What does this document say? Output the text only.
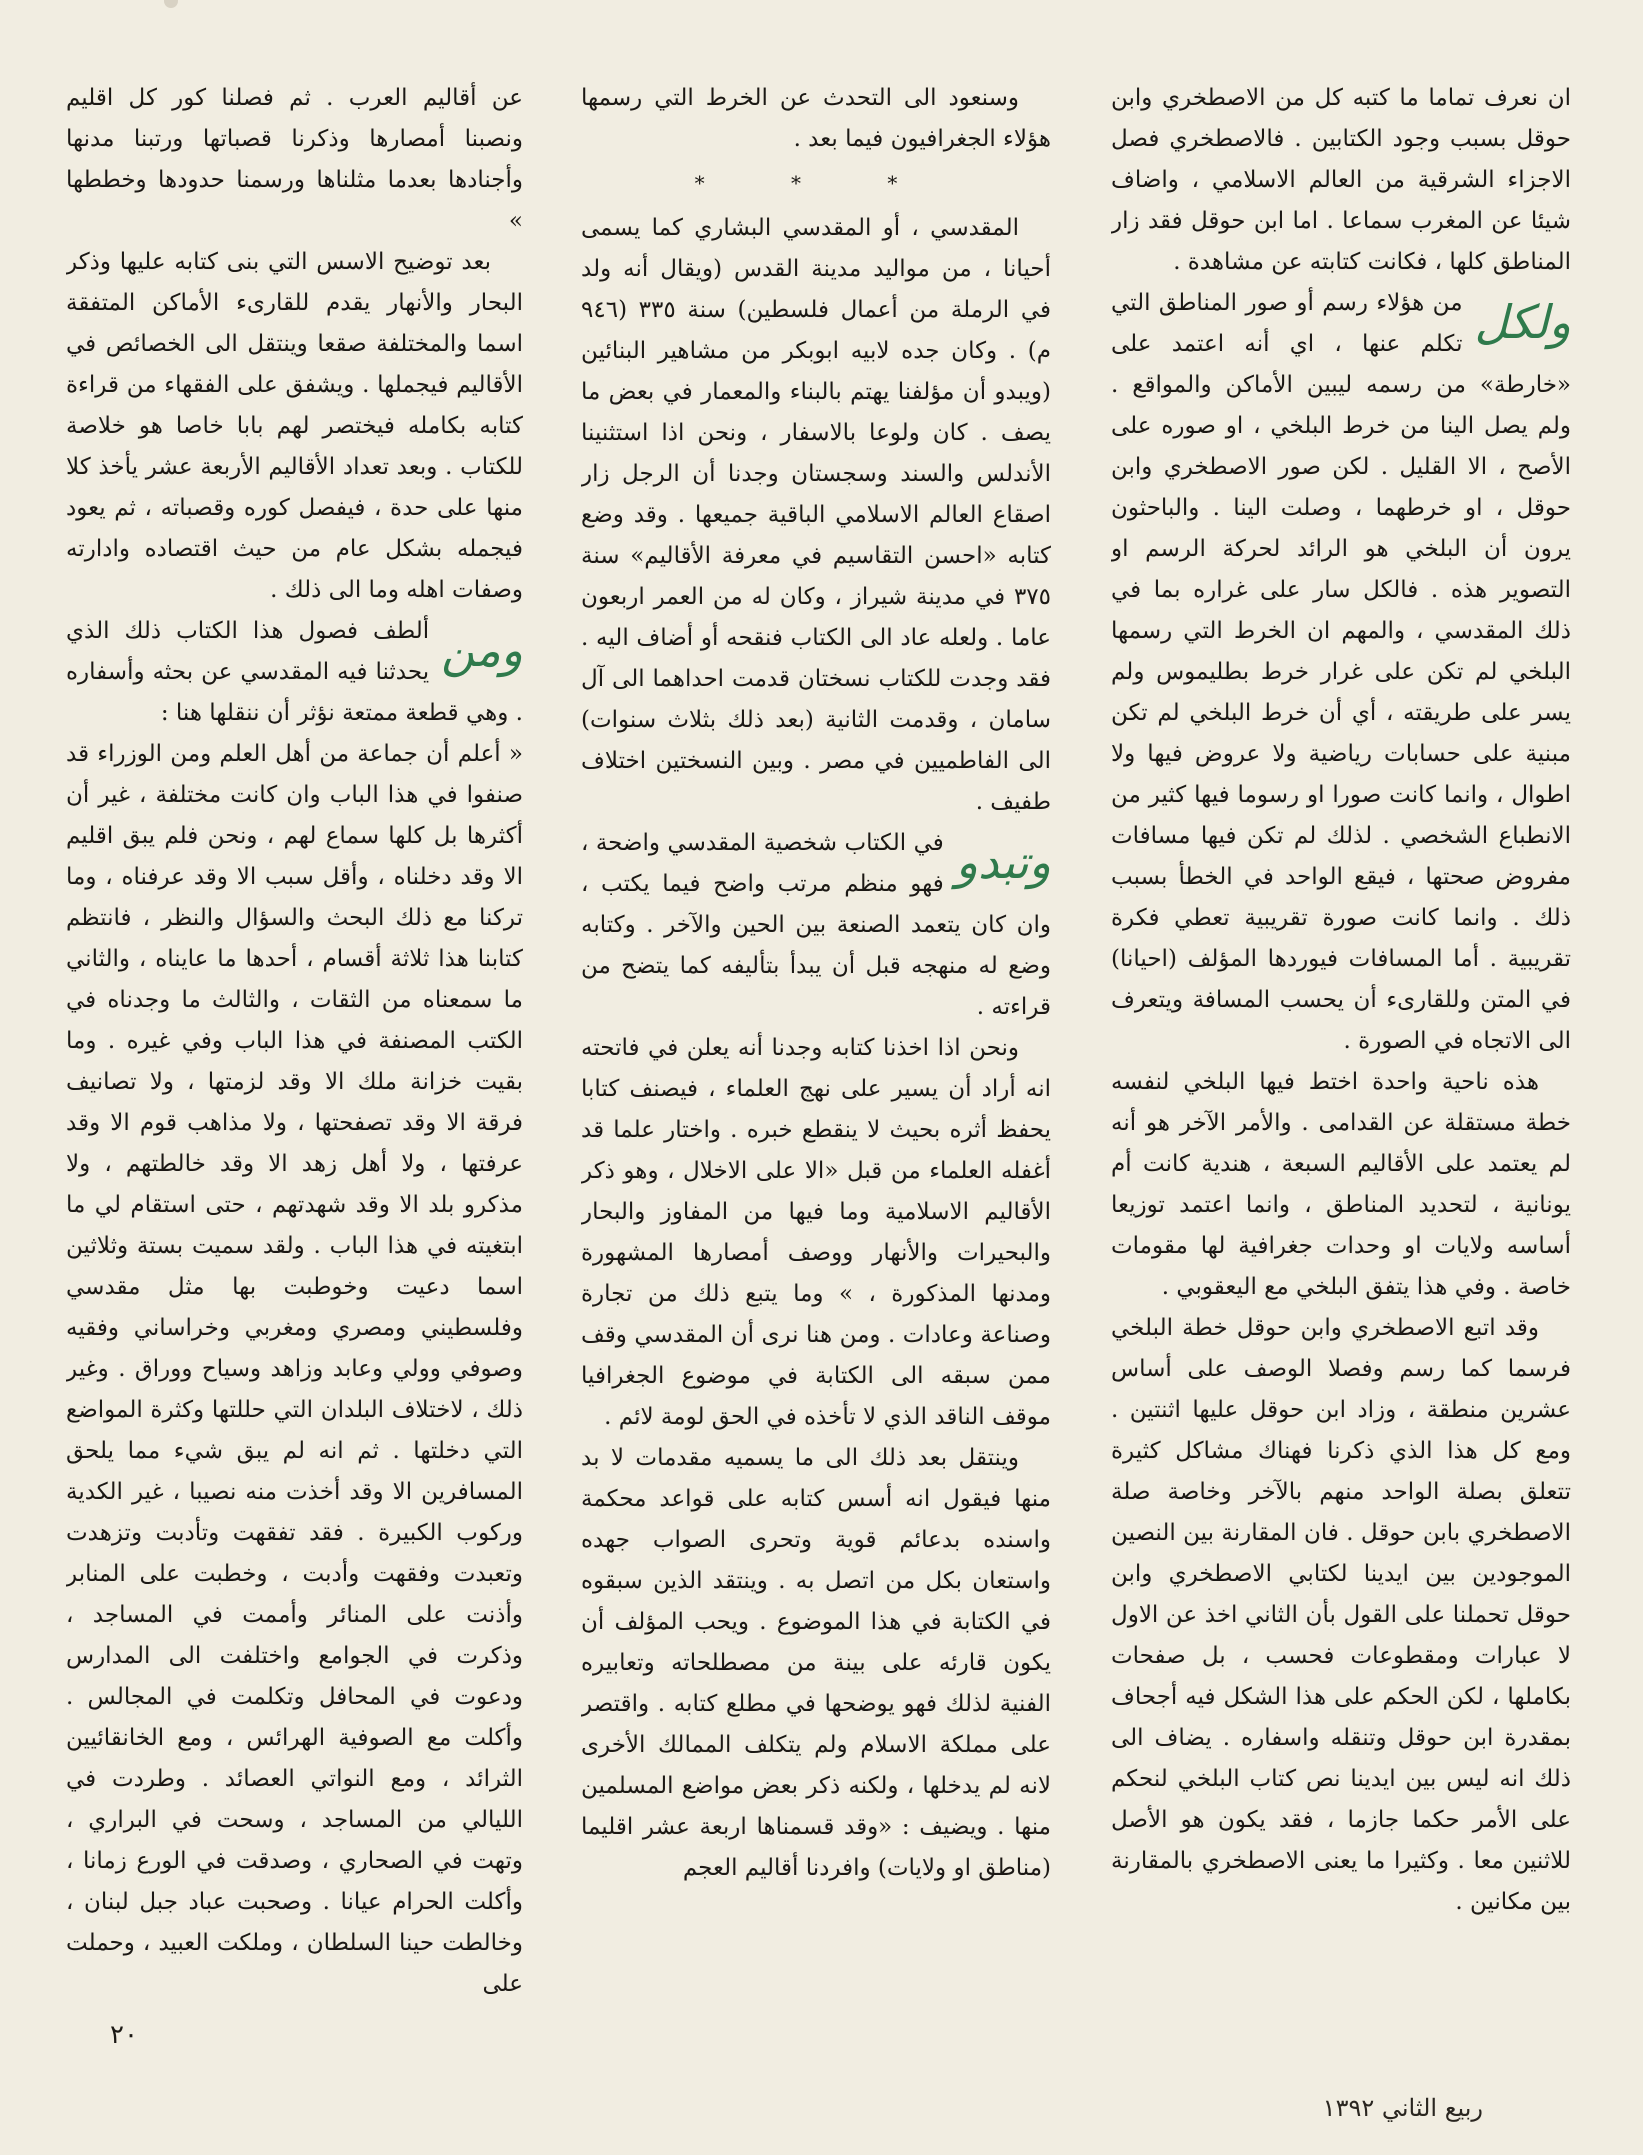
ان نعرف تماما ما كتبه كل من الاصطخري وابن حوقل بسبب وجود الكتابين . فالاصطخري فصل الاجزاء الشرقية من العالم الاسلامي ، واضاف شيئا عن المغرب سماعا . اما ابن حوقل فقد زار المناطق كلها ، فكانت كتابته عن مشاهدة .

ولكل
من هؤلاء رسم أو صور المناطق التي تكلم عنها ، اي أنه اعتمد على «خارطة» من رسمه ليبين الأماكن والمواقع . ولم يصل الينا من خرط البلخي ، او صوره على الأصح ، الا القليل . لكن صور الاصطخري وابن حوقل ، او خرطهما ، وصلت الينا . والباحثون يرون أن البلخي هو الرائد لحركة الرسم او التصوير هذه . فالكل سار على غراره بما في ذلك المقدسي ، والمهم ان الخرط التي رسمها البلخي لم تكن على غرار خرط بطليموس ولم يسر على طريقته ، أي أن خرط البلخي لم تكن مبنية على حسابات رياضية ولا عروض فيها ولا اطوال ، وانما كانت صورا او رسوما فيها كثير من الانطباع الشخصي . لذلك لم تكن فيها مسافات مفروض صحتها ، فيقع الواحد في الخطأ بسبب ذلك . وانما كانت صورة تقريبية تعطي فكرة تقريبية . أما المسافات فيوردها المؤلف (احيانا) في المتن وللقارىء أن يحسب المسافة ويتعرف الى الاتجاه في الصورة .

هذه ناحية واحدة اختط فيها البلخي لنفسه خطة مستقلة عن القدامى . والأمر الآخر هو أنه لم يعتمد على الأقاليم السبعة ، هندية كانت أم يونانية ، لتحديد المناطق ، وانما اعتمد توزيعا أساسه ولايات او وحدات جغرافية لها مقومات خاصة . وفي هذا يتفق البلخي مع اليعقوبي .

وقد اتبع الاصطخري وابن حوقل خطة البلخي فرسما كما رسم وفصلا الوصف على أساس عشرين منطقة ، وزاد ابن حوقل عليها اثنتين . ومع كل هذا الذي ذكرنا فهناك مشاكل كثيرة تتعلق بصلة الواحد منهم بالآخر وخاصة صلة الاصطخري بابن حوقل . فان المقارنة بين النصين الموجودين بين ايدينا لكتابي الاصطخري وابن حوقل تحملنا على القول بأن الثاني اخذ عن الاول لا عبارات ومقطوعات فحسب ، بل صفحات بكاملها ، لكن الحكم على هذا الشكل فيه أجحاف بمقدرة ابن حوقل وتنقله واسفاره . يضاف الى ذلك انه ليس بين ايدينا نص كتاب البلخي لنحكم على الأمر حكما جازما ، فقد يكون هو الأصل للاثنين معا . وكثيرا ما يعنى الاصطخري بالمقارنة بين مكانين .

وسنعود الى التحدث عن الخرط التي رسمها هؤلاء الجغرافيون فيما بعد .

* * *

المقدسي ، أو المقدسي البشاري كما يسمى أحيانا ، من مواليد مدينة القدس (ويقال أنه ولد في الرملة من أعمال فلسطين) سنة ٣٣٥ (٩٤٦ م) . وكان جده لابيه ابوبكر من مشاهير البنائين (ويبدو أن مؤلفنا يهتم بالبناء والمعمار في بعض ما يصف . كان ولوعا بالاسفار ، ونحن اذا استثنينا الأندلس والسند وسجستان وجدنا أن الرجل زار اصقاع العالم الاسلامي الباقية جميعها . وقد وضع كتابه «احسن التقاسيم في معرفة الأقاليم» سنة ٣٧٥ في مدينة شيراز ، وكان له من العمر اربعون عاما . ولعله عاد الى الكتاب فنقحه أو أضاف اليه . فقد وجدت للكتاب نسختان قدمت احداهما الى آل سامان ، وقدمت الثانية (بعد ذلك بثلاث سنوات) الى الفاطميين في مصر . وبين النسختين اختلاف طفيف .

وتبدو
في الكتاب شخصية المقدسي واضحة ، فهو منظم مرتب واضح فيما يكتب ، وان كان يتعمد الصنعة بين الحين والآخر . وكتابه وضع له منهجه قبل أن يبدأ بتأليفه كما يتضح من قراءته .

ونحن اذا اخذنا كتابه وجدنا أنه يعلن في فاتحته انه أراد أن يسير على نهج العلماء ، فيصنف كتابا يحفظ أثره بحيث لا ينقطع خبره . واختار علما قد أغفله العلماء من قبل «الا على الاخلال ، وهو ذكر الأقاليم الاسلامية وما فيها من المفاوز والبحار والبحيرات والأنهار ووصف أمصارها المشهورة ومدنها المذكورة ، » وما يتبع ذلك من تجارة وصناعة وعادات . ومن هنا نرى أن المقدسي وقف ممن سبقه الى الكتابة في موضوع الجغرافيا موقف الناقد الذي لا تأخذه في الحق لومة لائم .

وينتقل بعد ذلك الى ما يسميه مقدمات لا بد منها فيقول انه أسس كتابه على قواعد محكمة واسنده بدعائم قوية وتحرى الصواب جهده واستعان بكل من اتصل به . وينتقد الذين سبقوه في الكتابة في هذا الموضوع . ويحب المؤلف أن يكون قارئه على بينة من مصطلحاته وتعابيره الفنية لذلك فهو يوضحها في مطلع كتابه . واقتصر على مملكة الاسلام ولم يتكلف الممالك الأخرى لانه لم يدخلها ، ولكنه ذكر بعض مواضع المسلمين منها . ويضيف : «وقد قسمناها اربعة عشر اقليما (مناطق او ولايات) وافردنا أقاليم العجم

عن أقاليم العرب . ثم فصلنا كور كل اقليم ونصبنا أمصارها وذكرنا قصباتها ورتبنا مدنها وأجنادها بعدما مثلناها ورسمنا حدودها وخططها »

بعد توضيح الاسس التي بنى كتابه عليها وذكر البحار والأنهار يقدم للقارىء الأماكن المتفقة اسما والمختلفة صقعا وينتقل الى الخصائص في الأقاليم فيجملها . ويشفق على الفقهاء من قراءة كتابه بكامله فيختصر لهم بابا خاصا هو خلاصة للكتاب . وبعد تعداد الأقاليم الأربعة عشر يأخذ كلا منها على حدة ، فيفصل كوره وقصباته ، ثم يعود فيجمله بشكل عام من حيث اقتصاده وادارته وصفات اهله وما الى ذلك .

ومن
ألطف فصول هذا الكتاب ذلك الذي يحدثنا فيه المقدسي عن بحثه وأسفاره . وهي قطعة ممتعة نؤثر أن ننقلها هنا :

« أعلم أن جماعة من أهل العلم ومن الوزراء قد صنفوا في هذا الباب وان كانت مختلفة ، غير أن أكثرها بل كلها سماع لهم ، ونحن فلم يبق اقليم الا وقد دخلناه ، وأقل سبب الا وقد عرفناه ، وما تركنا مع ذلك البحث والسؤال والنظر ، فانتظم كتابنا هذا ثلاثة أقسام ، أحدها ما عايناه ، والثاني ما سمعناه من الثقات ، والثالث ما وجدناه في الكتب المصنفة في هذا الباب وفي غيره . وما بقيت خزانة ملك الا وقد لزمتها ، ولا تصانيف فرقة الا وقد تصفحتها ، ولا مذاهب قوم الا وقد عرفتها ، ولا أهل زهد الا وقد خالطتهم ، ولا مذكرو بلد الا وقد شهدتهم ، حتى استقام لي ما ابتغيته في هذا الباب . ولقد سميت بستة وثلاثين اسما دعيت وخوطبت بها مثل مقدسي وفلسطيني ومصري ومغربي وخراساني وفقيه وصوفي وولي وعابد وزاهد وسياح ووراق . وغير ذلك ، لاختلاف البلدان التي حللتها وكثرة المواضع التي دخلتها . ثم انه لم يبق شيء مما يلحق المسافرين الا وقد أخذت منه نصيبا ، غير الكدية وركوب الكبيرة . فقد تفقهت وتأدبت وتزهدت وتعبدت وفقهت وأدبت ، وخطبت على المنابر وأذنت على المنائر وأممت في المساجد ، وذكرت في الجوامع واختلفت الى المدارس ودعوت في المحافل وتكلمت في المجالس . وأكلت مع الصوفية الهرائس ، ومع الخانقائيين الثرائد ، ومع النواتي العصائد . وطردت في الليالي من المساجد ، وسحت في البراري ، وتهت في الصحاري ، وصدقت في الورع زمانا ، وأكلت الحرام عيانا . وصحبت عباد جبل لبنان ، وخالطت حينا السلطان ، وملكت العبيد ، وحملت على

٢٠
ربيع الثاني ١٣٩٢
